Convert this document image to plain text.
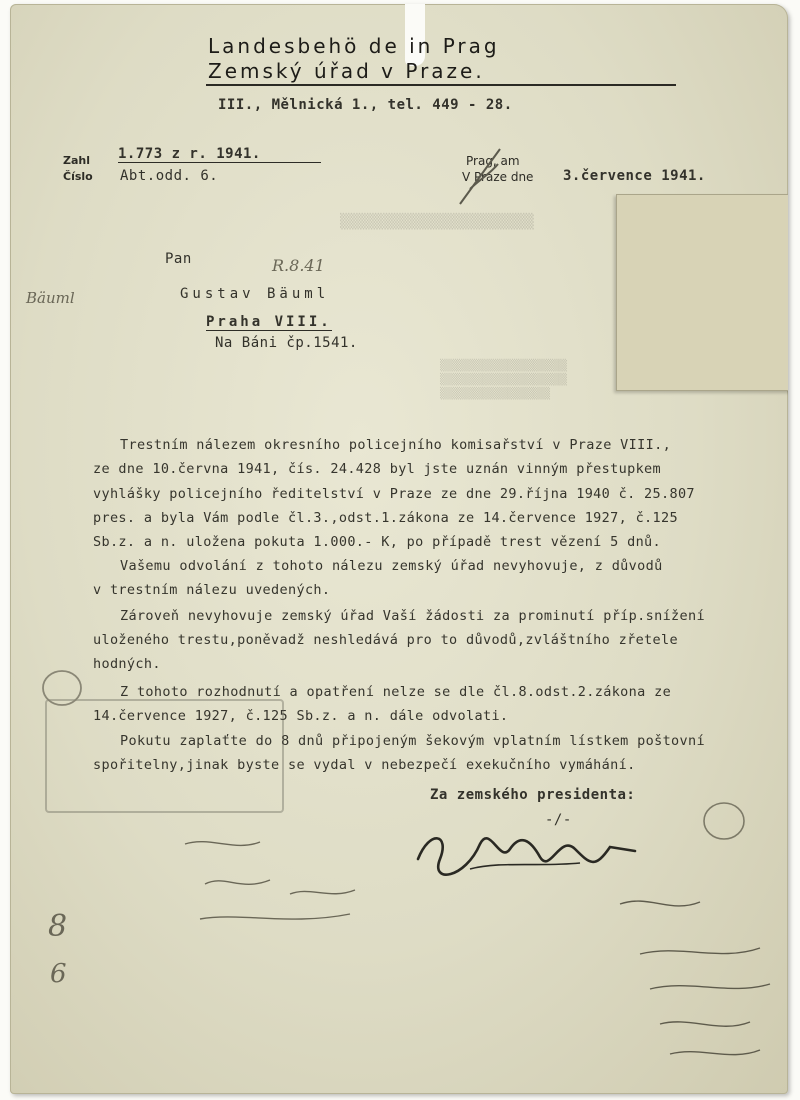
▒▒▒▒▒▒▒▒▒▒▒▒▒▒▒▒▒▒
▒▒▒▒▒▒▒▒▒▒▒▒▒▒▒
▒▒▒▒▒▒▒▒▒▒▒▒▒▒▒
▒▒▒▒▒▒▒▒▒▒▒▒▒
Landesbehö de in Prag
Zemský úřad v Praze.
III., Mělnická 1., tel. 449 - 28.
Zahl
Číslo
1.773 z r. 1941.
Abt.odd. 6.
Prag, am
V Praze dne 3.července 1941.
Pan
Gustav Bäuml
Praha VIII.
Na Báni čp.1541.
Bäuml
R.8.41
Trestním nálezem okresního policejního komisařství v Praze VIII.,
ze dne 10.června 1941, čís. 24.428 byl jste uznán vinným přestupkem
vyhlášky policejního ředitelství v Praze ze dne 29.října 1940 č. 25.807
pres. a byla Vám podle čl.3.,odst.1.zákona ze 14.července 1927, č.125
Sb.z. a n. uložena pokuta 1.000.- K, po případě trest vězení 5 dnů.
Vašemu odvolání z tohoto nálezu zemský úřad nevyhovuje, z důvodů
v trestním nálezu uvedených.
Zároveň nevyhovuje zemský úřad Vaší žádosti za prominutí příp.snížení
uloženého trestu,poněvadž neshledává pro to důvodů,zvláštního zřetele
hodných.
Z tohoto rozhodnutí a opatření nelze se dle čl.8.odst.2.zákona ze
14.července 1927, č.125 Sb.z. a n. dále odvolati.
Pokutu zaplaťte do 8 dnů připojeným šekovým vplatním lístkem poštovní
spořitelny,jinak byste se vydal v nebezpečí exekučního vymáhání.
Za zemského presidenta:
-/-
8
6
